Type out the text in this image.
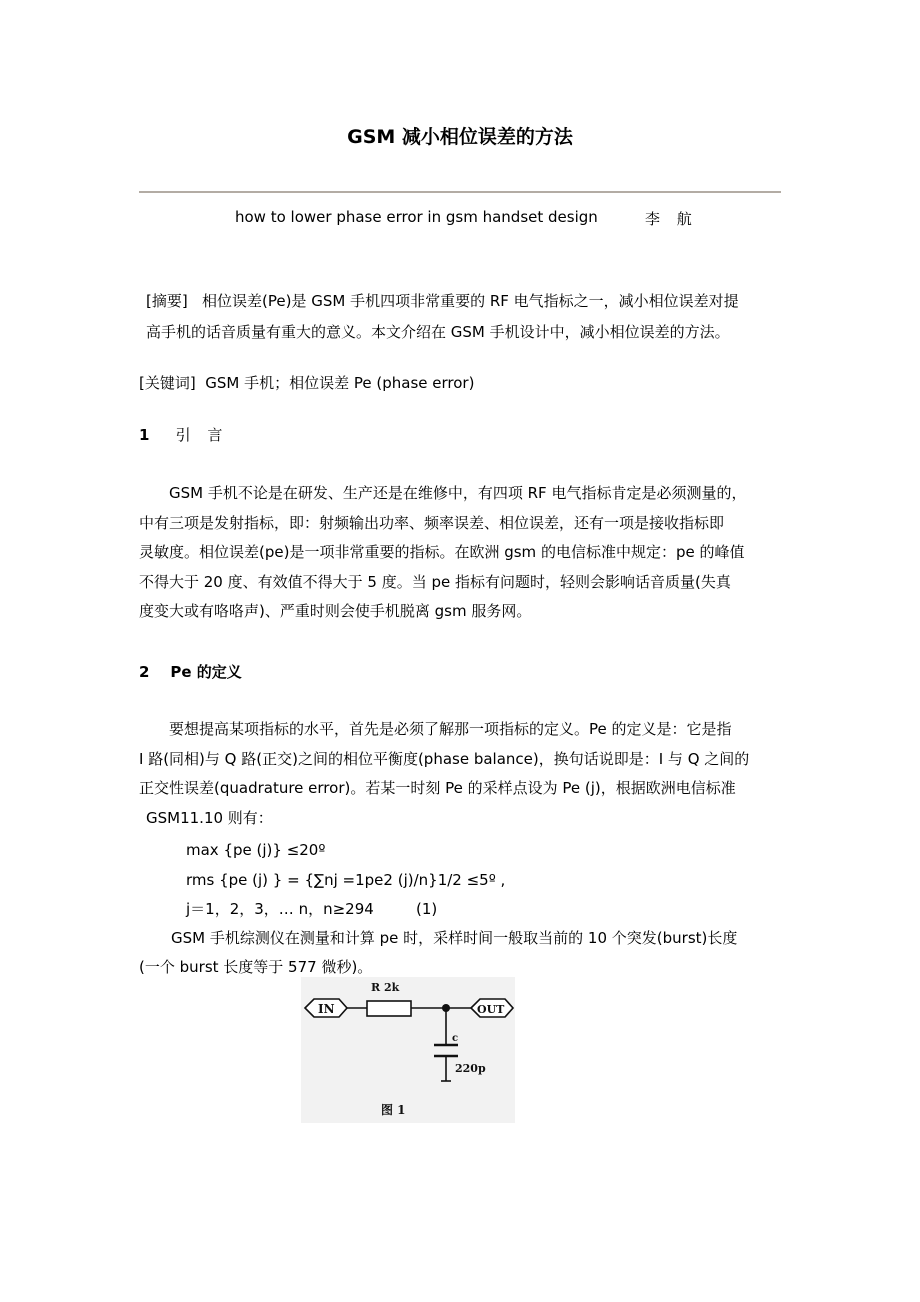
GSM 减小相位误差的方法
how to lower phase error in gsm handset design	李 航
[摘要] 相位误差(Pe)是 GSM 手机四项非常重要的 RF 电气指标之一，减小相位误差对提
高手机的话音质量有重大的意义。本文介绍在 GSM 手机设计中，减小相位误差的方法。
[关键词] GSM 手机；相位误差 Pe (phase error)
1 引 言
GSM 手机不论是在研发、生产还是在维修中，有四项 RF 电气指标肯定是必须测量的，
中有三项是发射指标，即：射频输出功率、频率误差、相位误差，还有一项是接收指标即
灵敏度。相位误差(pe)是一项非常重要的指标。在欧洲 gsm 的电信标准中规定：pe 的峰值
不得大于 20 度、有效值不得大于 5 度。当 pe 指标有问题时，轻则会影响话音质量(失真
度变大或有咯咯声)、严重时则会使手机脱离 gsm 服务网。
2 Pe 的定义
要想提高某项指标的水平，首先是必须了解那一项指标的定义。Pe 的定义是：它是指
I 路(同相)与 Q 路(正交)之间的相位平衡度(phase balance)，换句话说即是：I 与 Q 之间的
正交性误差(quadrature error)。若某一时刻 Pe 的采样点设为 Pe (j)，根据欧洲电信标准
GSM11.10 则有：
max {pe (j)} ≤20º
rms {pe (j) } = {∑nj =1pe2 (j)/n}1/2 ≤5º ,
j＝1，2，3，… n，n≥294	(1)
GSM 手机综测仪在测量和计算 pe 时，采样时间一般取当前的 10 个突发(burst)长度
(一个 burst 长度等于 577 微秒)。
IN
R 2k
OUT
c
220p
图 1
